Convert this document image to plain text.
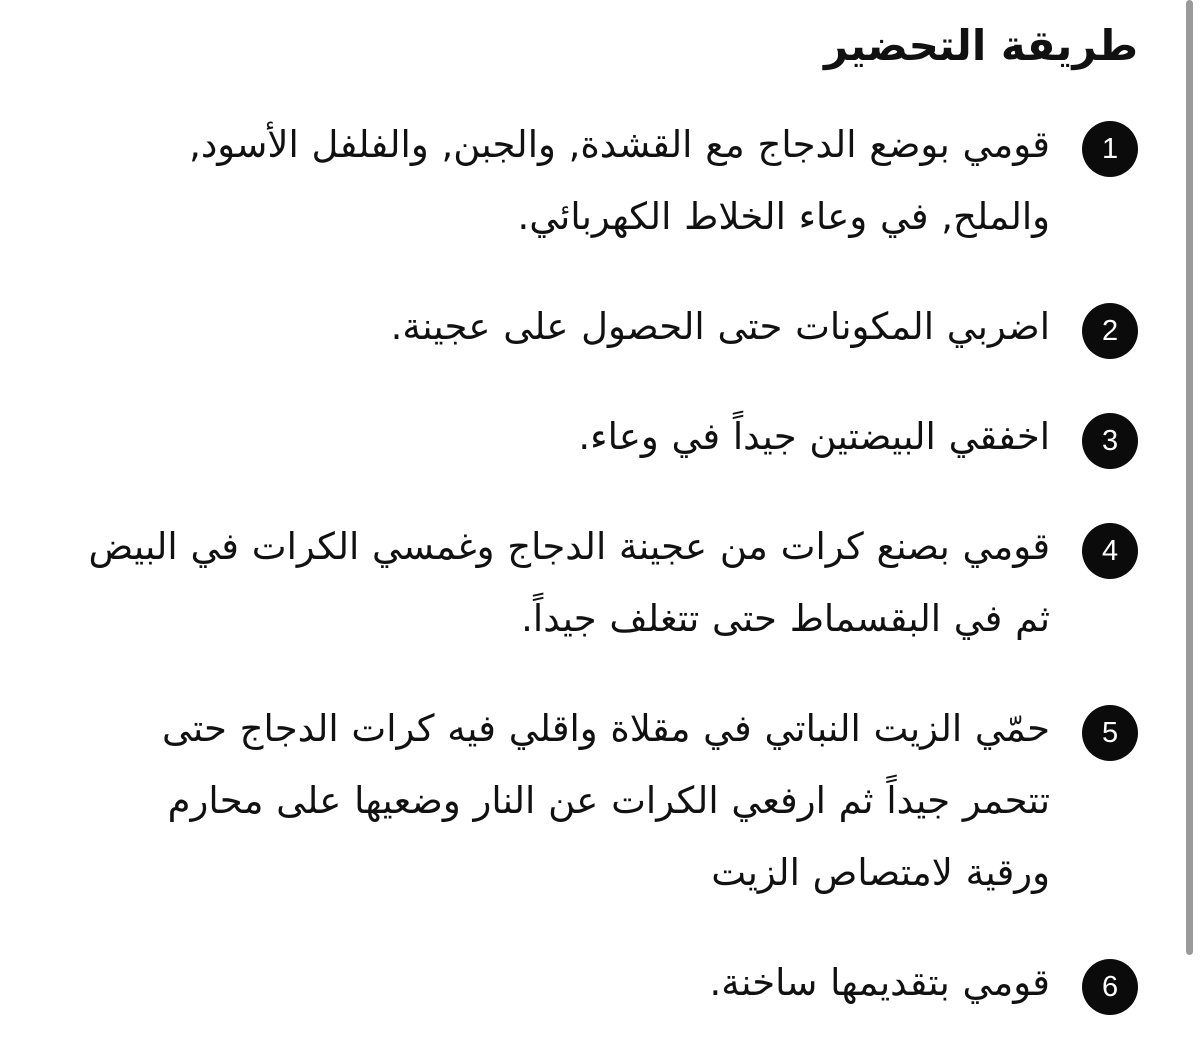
طريقة التحضير
1
قومي بوضع الدجاج مع القشدة, والجبن, والفلفل الأسود, والملح, في وعاء الخلاط الكهربائي.
2
اضربي المكونات حتى الحصول على عجينة.
3
اخفقي البيضتين جيداً في وعاء.
4
قومي بصنع كرات من عجينة الدجاج وغمسي الكرات في البيض ثم في البقسماط حتى تتغلف جيداً.
5
حمّي الزيت النباتي في مقلاة واقلي فيه كرات الدجاج حتى تتحمر جيداً ثم ارفعي الكرات عن النار وضعيها على محارم ورقية لامتصاص الزيت
6
قومي بتقديمها ساخنة.
